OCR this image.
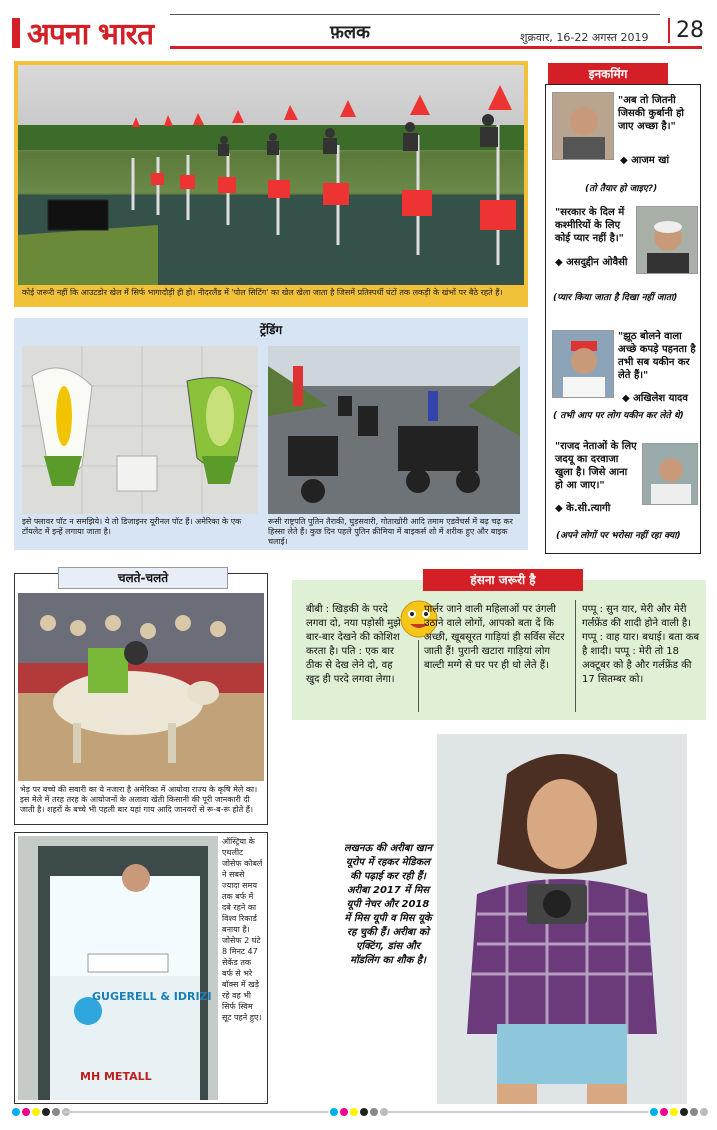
अपना भारत	फ़लक	शुक्रवार, 16-22 अगस्त 2019	28
कोई जरूरी नहीं कि आउटडोर खेल में सिर्फ भागादौड़ी ही हो। नीदरलैंड में 'पोल सिटिंग' का खेल खेला जाता है जिसमें प्रतिस्पर्धी घंटों तक लकड़ी के खंभों पर बैठे रहते हैं।
ट्रेंडिंग
इसे फ्लावर पॉट न समझिये। ये तो डिजाइनर यूरीनल पॉट हैं। अमेरिका के एक टॉयलेट में इन्हें लगाया जाता है।
रूसी राष्ट्रपति पुतिन तैराकी, घुड़सवारी, गोताखोरी आदि तमाम एडवेंचर्स में बढ़ चढ़ कर हिस्सा लेते हैं। कुछ दिन पहले पुतिन क्रीमिया में बाइकर्स शो में शरीक हुए और बाइक चलाई।
इनकमिंग
"अब तो जितनी जिसकी कुर्बानी हो जाए अच्छा है।"
◆ आजम खां
(तो तैयार हो जाइए?)
"सरकार के दिल में कश्मीरियों के लिए कोई प्यार नहीं है।"
◆ असदुद्दीन ओवैसी
(प्यार किया जाता है दिखा नहीं जाता)
"झूठ बोलने वाला अच्छे कपड़े पहनता है तभी सब यकीन कर लेते हैं।"
◆ अखिलेश यादव
( तभी आप पर लोग यकीन कर लेते थे)
"राजद नेताओं के लिए जदयू का दरवाजा खुला है। जिसे आना हो आ जाए।"
◆ के.सी.त्यागी
(अपने लोगों पर भरोसा नहीं रहा क्या)
चलते-चलते
भेड़ पर बच्चे की सवारी का ये नजारा है अमेरिका में आयोवा राज्य के कृषि मेले का। इस मेले में तरह तरह के आयोजनों के अलावा खेती किसानी की पूरी जानकारी दी जाती है। शहरों के बच्चे भी पहली बार यहां गाय आदि जानवरों से रू-ब-रू होते हैं।
GUGERELL & IDRIZI
MH METALL
ऑस्ट्रिया के एथलीट जोसेफ कोबर्ल ने सबसे ज्यादा समय तक बर्फ में दबे रहने का विश्व रिकार्ड बनाया है। जोसेफ 2 घंटे 8 मिनट 47 सेकेंड तक बर्फ से भरे बॉक्स में खड़े रहे वह भी सिर्फ स्विम सूट पहने हुए।
हंसना जरूरी है
बीबी : खिड़की के परदे लगवा दो, नया पड़ोसी मुझे बार-बार देखने की कोशिश करता है। पति : एक बार ठीक से देख लेने दो, वह खुद ही परदे लगवा लेगा।
पार्लर जाने वाली महिलाओं पर उंगली उठाने वाले लोगों, आपको बता दें कि अच्छी, खूबसूरत गाड़ियां ही सर्विस सेंटर जाती हैं! पुरानी खटारा गाड़ियां लोग बाल्टी मग्गे से घर पर ही धो लेते हैं।
पप्पू : सुन यार, मेरी और मेरी गर्लफ्रेंड की शादी होने वाली है। गप्पू : वाह यार। बधाई। बता कब है शादी। पप्पू : मेरी तो 18 अक्टूबर को है और गर्लफ्रेंड की 17 सितम्बर को।
लखनऊ की अरीबा खान यूरोप में रहकर मेडिकल की पढ़ाई कर रही हैं। अरीबा 2017 में मिस यूपी नेचर और 2018 में मिस यूपी व मिस यूके रह चुकी हैं। अरीबा को एक्टिंग, डांस और मॉडलिंग का शौक है।
